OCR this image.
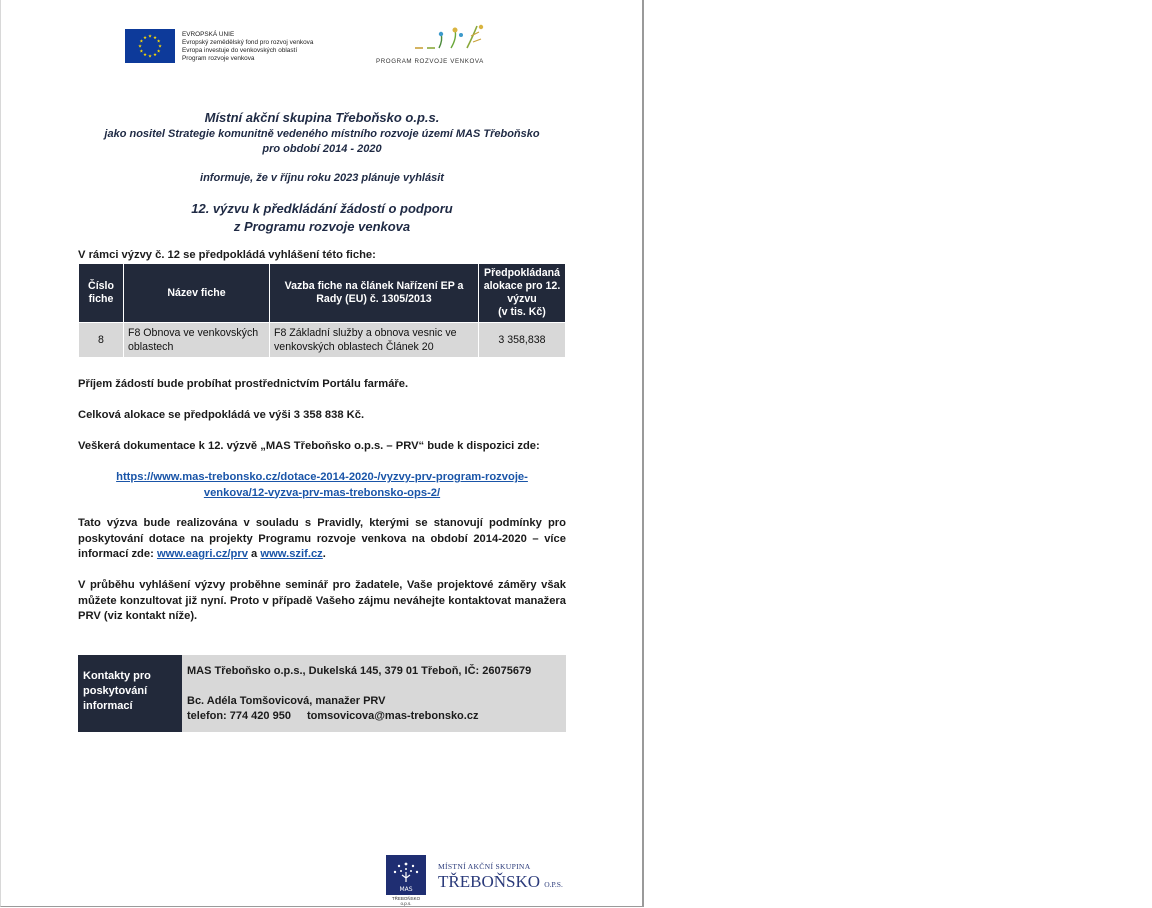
★ ★
★
★
★
★
★
★
★
★
★
★
EVROPSKÁ UNIE
Evropský zemědělský fond pro rozvoj venkova
Evropa investuje do venkovských oblastí
Program rozvoje venkova	PROGRAM ROZVOJE VENKOVA
Místní akční skupina Třeboňsko o.p.s.
jako nositel Strategie komunitně vedeného místního rozvoje území MAS Třeboňsko
pro období 2014 - 2020
informuje, že v říjnu roku 2023 plánuje vyhlásit
12. výzvu k předkládání žádostí o podporu
z Programu rozvoje venkova
V rámci výzvy č. 12 se předpokládá vyhlášení této fiche:
Číslo fiche	Název fiche	Vazba fiche na článek Nařízení EP a Rady (EU) č. 1305/2013	Předpokládaná alokace pro 12. výzvu
(v tis. Kč)
8	F8 Obnova ve venkovských oblastech	F8 Základní služby a obnova vesnic ve venkovských oblastech Článek 20	3 358,838
Příjem žádostí bude probíhat prostřednictvím Portálu farmáře.
Celková alokace se předpokládá ve výši 3 358 838 Kč.
Veškerá dokumentace k 12. výzvě „MAS Třeboňsko o.p.s. – PRV“ bude k dispozici zde:
https://www.mas-trebonsko.cz/dotace-2014-2020-/vyzvy-prv-program-rozvoje-
venkova/12-vyzva-prv-mas-trebonsko-ops-2/
Tato výzva bude realizována v souladu s Pravidly, kterými se stanovují podmínky pro poskytování dotace na projekty Programu rozvoje venkova na období 2014-2020 – více informací zde: www.eagri.cz/prv a www.szif.cz.
V průběhu vyhlášení výzvy proběhne seminář pro žadatele, Vaše projektové záměry však můžete konzultovat již nyní. Proto v případě Vašeho zájmu neváhejte kontaktovat manažera PRV (viz kontakt níže).
Kontakty pro poskytování informací
MAS Třeboňsko o.p.s., Dukelská 145, 379 01 Třeboň, IČ: 26075679
Bc. Adéla Tomšovicová, manažer PRV
telefon: 774 420 950 tomsovicova@mas-trebonsko.cz
MAS
TŘEBOŇSKO o.p.s.
MÍSTNÍ AKČNÍ SKUPINA
TŘEBOŇSKO O.P.S.
